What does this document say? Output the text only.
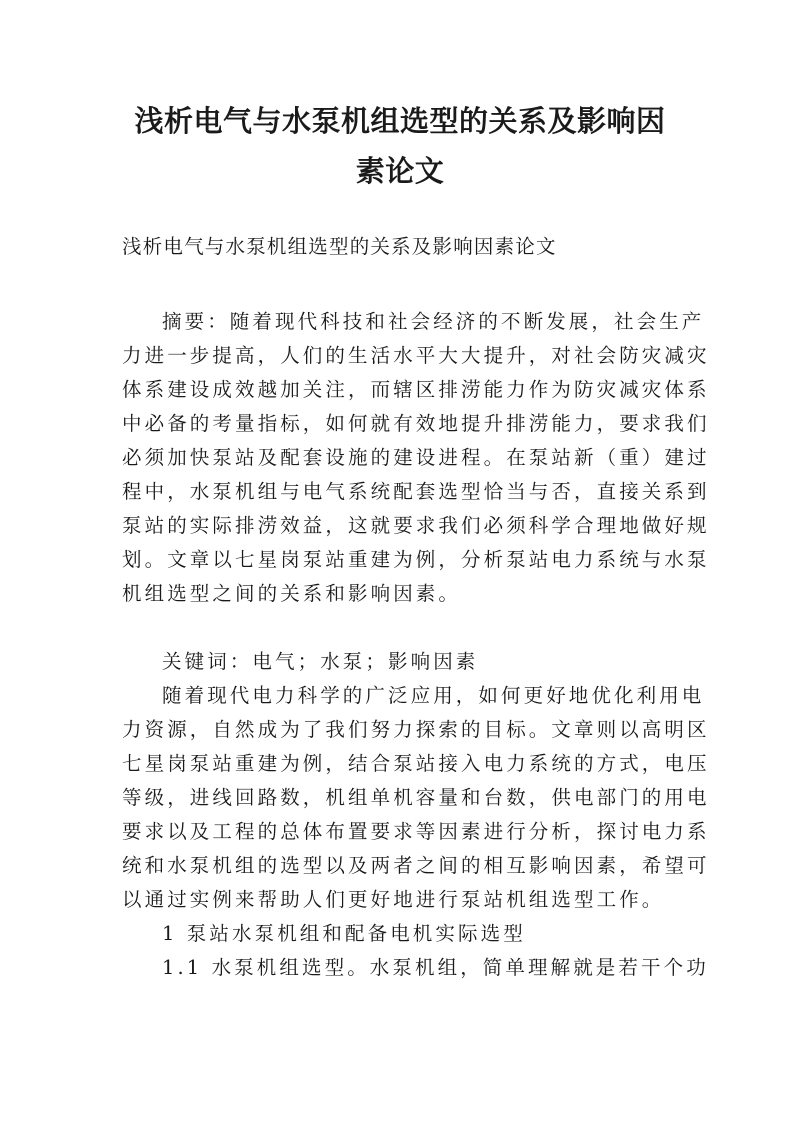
浅析电气与水泵机组选型的关系及影响因
素论文
浅析电气与水泵机组选型的关系及影响因素论文
摘要：随着现代科技和社会经济的不断发展，社会生产
力进一步提高，人们的生活水平大大提升，对社会防灾减灾
体系建设成效越加关注，而辖区排涝能力作为防灾减灾体系
中必备的考量指标，如何就有效地提升排涝能力，要求我们
必须加快泵站及配套设施的建设进程。在泵站新（重）建过
程中，水泵机组与电气系统配套选型恰当与否，直接关系到
泵站的实际排涝效益，这就要求我们必须科学合理地做好规
划。文章以七星岗泵站重建为例，分析泵站电力系统与水泵
机组选型之间的关系和影响因素。
关键词：电气；水泵；影响因素
随着现代电力科学的广泛应用，如何更好地优化利用电
力资源，自然成为了我们努力探索的目标。文章则以高明区
七星岗泵站重建为例，结合泵站接入电力系统的方式，电压
等级，进线回路数，机组单机容量和台数，供电部门的用电
要求以及工程的总体布置要求等因素进行分析，探讨电力系
统和水泵机组的选型以及两者之间的相互影响因素，希望可
以通过实例来帮助人们更好地进行泵站机组选型工作。
1 泵站水泵机组和配备电机实际选型
1.1 水泵机组选型。水泵机组，简单理解就是若干个功
